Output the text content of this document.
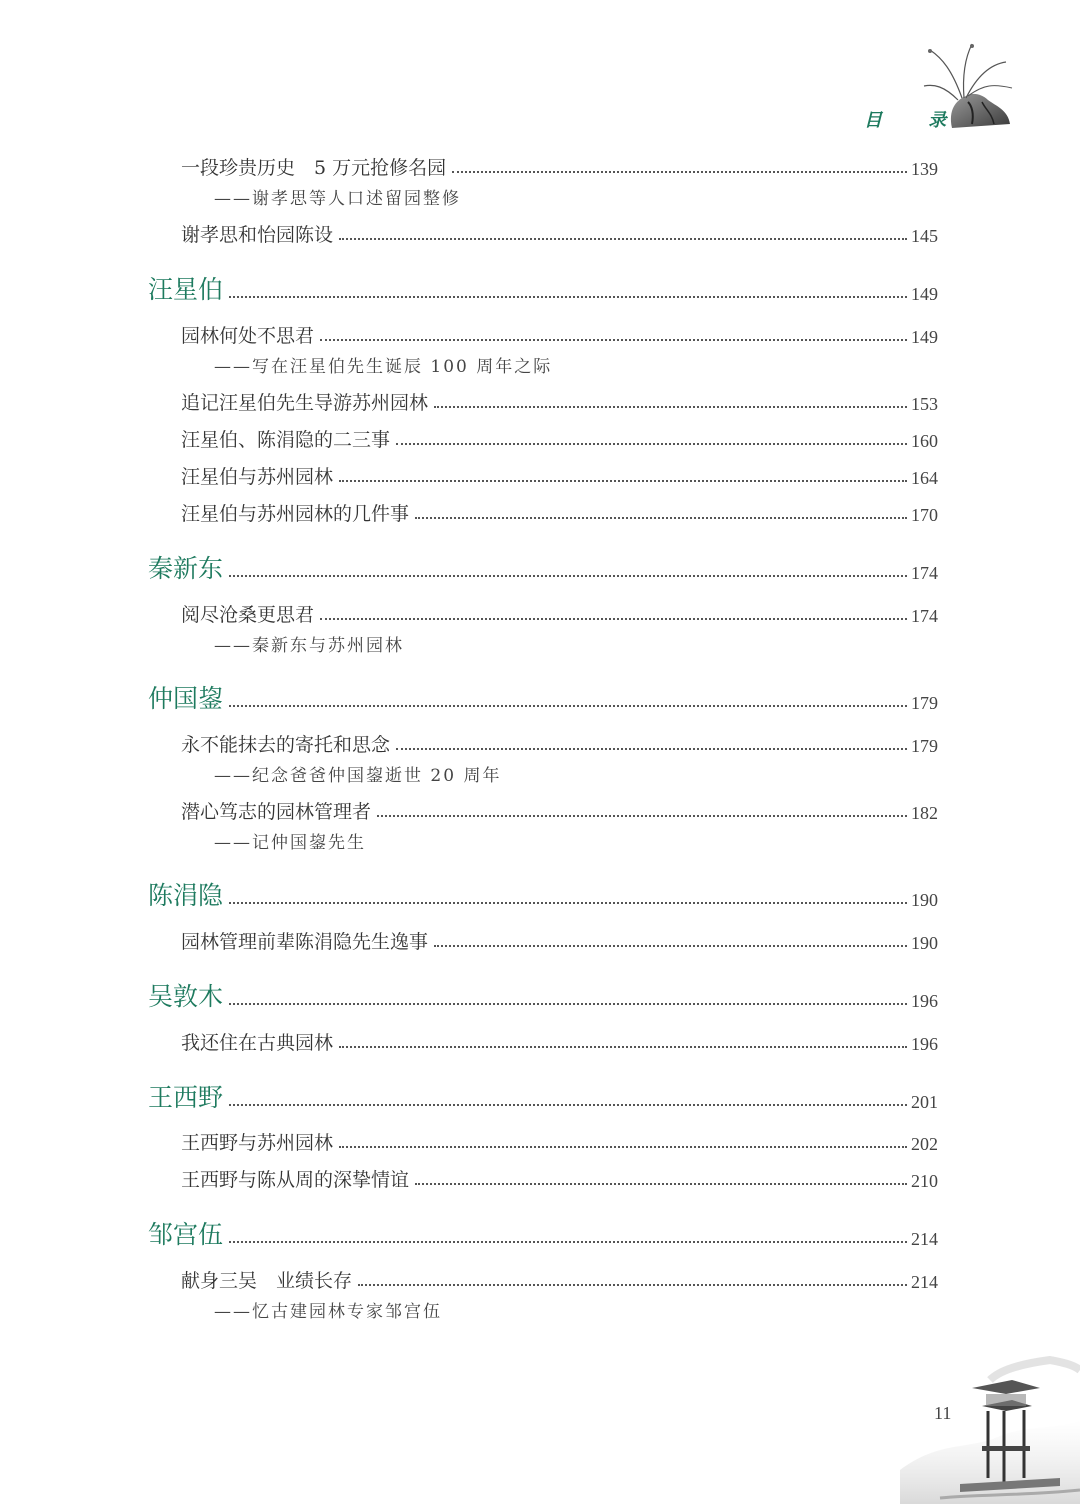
目 录
一段珍贵历史　5 万元抢修名园	139
——谢孝思等人口述留园整修
谢孝思和怡园陈设	145
汪星伯	149
园林何处不思君	149
——写在汪星伯先生诞辰 100 周年之际
追记汪星伯先生导游苏州园林	153
汪星伯、陈涓隐的二三事	160
汪星伯与苏州园林	164
汪星伯与苏州园林的几件事	170
秦新东	174
阅尽沧桑更思君	174
——秦新东与苏州园林
仲国鋆	179
永不能抹去的寄托和思念	179
——纪念爸爸仲国鋆逝世 20 周年
潜心笃志的园林管理者	182
——记仲国鋆先生
陈涓隐	190
园林管理前辈陈涓隐先生逸事	190
吴敦木	196
我还住在古典园林	196
王西野	201
王西野与苏州园林	202
王西野与陈从周的深挚情谊	210
邹宫伍	214
献身三吴　业绩长存	214
——忆古建园林专家邹宫伍
11
